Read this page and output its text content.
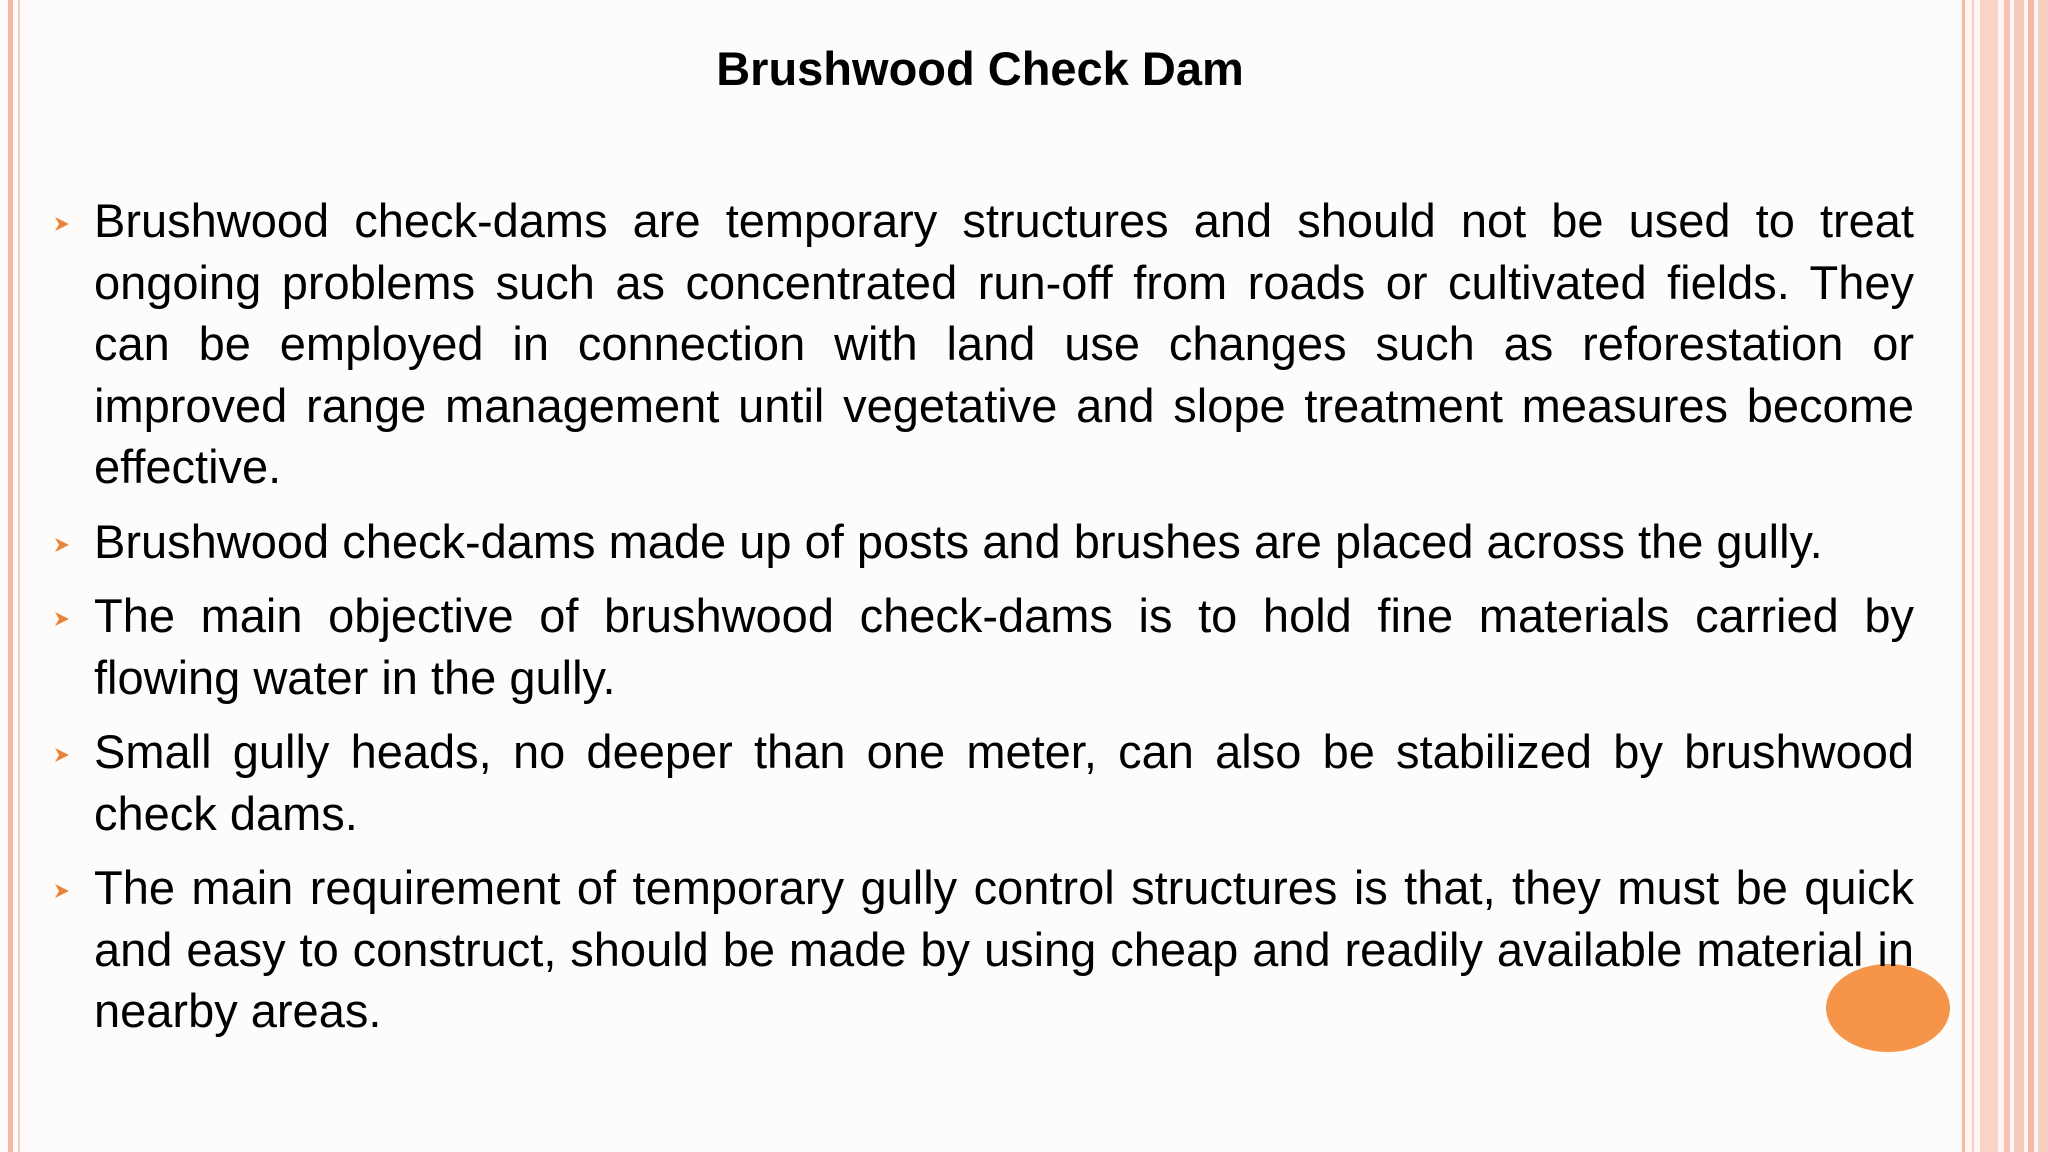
Brushwood Check Dam
Brushwood check-dams are temporary structures and should not be used to treat ongoing problems such as concentrated run-off from roads or cultivated fields. They can be employed in connection with land use changes such as reforestation or improved range management until vegetative and slope treatment measures become effective.
Brushwood check-dams made up of posts and brushes are placed across the gully.
The main objective of brushwood check-dams is to hold fine materials carried by flowing water in the gully.
Small gully heads, no deeper than one meter, can also be stabilized by brushwood check dams.
The main requirement of temporary gully control structures is that, they must be quick and easy to construct, should be made by using cheap and readily available material in nearby areas.
